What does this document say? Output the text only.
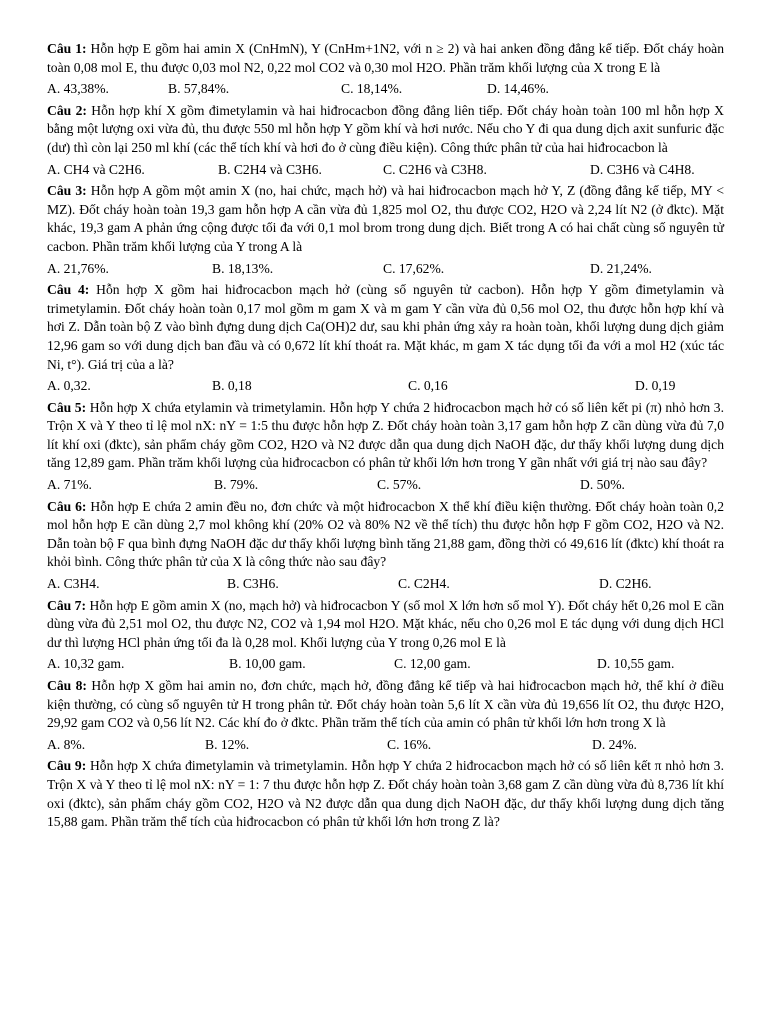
Câu 1: Hỗn hợp E gồm hai amin X (CnHmN), Y (CnHm+1N2, với n ≥ 2) và hai anken đồng đẳng kế tiếp. Đốt cháy hoàn toàn 0,08 mol E, thu được 0,03 mol N2, 0,22 mol CO2 và 0,30 mol H2O. Phần trăm khối lượng của X trong E là

A. 43,38%.	B. 57,84%.	C. 18,14%.	D. 14,46%.

Câu 2: Hỗn hợp khí X gồm đimetylamin và hai hiđrocacbon đồng đẳng liên tiếp. Đốt cháy hoàn toàn 100 ml hỗn hợp X bằng một lượng oxi vừa đủ, thu được 550 ml hỗn hợp Y gồm khí và hơi nước. Nếu cho Y đi qua dung dịch axit sunfuric đặc (dư) thì còn lại 250 ml khí (các thể tích khí và hơi đo ở cùng điều kiện). Công thức phân tử của hai hiđrocacbon là

A. CH4 và C2H6.	B. C2H4 và C3H6.	C. C2H6 và C3H8.	D. C3H6 và C4H8.

Câu 3: Hỗn hợp A gồm một amin X (no, hai chức, mạch hở) và hai hiđrocacbon mạch hở Y, Z (đồng đẳng kế tiếp, MY < MZ). Đốt cháy hoàn toàn 19,3 gam hỗn hợp A cần vừa đủ 1,825 mol O2, thu được CO2, H2O và 2,24 lít N2 (ở đktc). Mặt khác, 19,3 gam A phản ứng cộng được tối đa với 0,1 mol brom trong dung dịch. Biết trong A có hai chất cùng số nguyên tử cacbon. Phần trăm khối lượng của Y trong A là

A. 21,76%.	B. 18,13%.	C. 17,62%.	D. 21,24%.

Câu 4: Hỗn hợp X gồm hai hiđrocacbon mạch hở (cùng số nguyên tử cacbon). Hỗn hợp Y gồm đimetylamin và trimetylamin. Đốt cháy hoàn toàn 0,17 mol gồm m gam X và m gam Y cần vừa đủ 0,56 mol O2, thu được hỗn hợp khí và hơi Z. Dẫn toàn bộ Z vào bình đựng dung dịch Ca(OH)2 dư, sau khi phản ứng xảy ra hoàn toàn, khối lượng dung dịch giảm 12,96 gam so với dung dịch ban đầu và có 0,672 lít khí thoát ra. Mặt khác, m gam X tác dụng tối đa với a mol H2 (xúc tác Ni, t°). Giá trị của a là?

A. 0,32.	B. 0,18	C. 0,16	D. 0,19

Câu 5: Hỗn hợp X chứa etylamin và trimetylamin. Hỗn hợp Y chứa 2 hiđrocacbon mạch hở có số liên kết pi (π) nhỏ hơn 3. Trộn X và Y theo tỉ lệ mol nX: nY = 1:5 thu được hỗn hợp Z. Đốt cháy hoàn toàn 3,17 gam hỗn hợp Z cần dùng vừa đủ 7,0 lít khí oxi (đktc), sản phẩm cháy gồm CO2, H2O và N2 được dẫn qua dung dịch NaOH đặc, dư thấy khối lượng dung dịch tăng 12,89 gam. Phần trăm khối lượng của hiđrocacbon có phân tử khối lớn hơn trong Y gần nhất với giá trị nào sau đây?

A. 71%.	B. 79%.	C. 57%.	D. 50%.

Câu 6: Hỗn hợp E chứa 2 amin đều no, đơn chức và một hiđrocacbon X thể khí điều kiện thường. Đốt cháy hoàn toàn 0,2 mol hỗn hợp E cần dùng 2,7 mol không khí (20% O2 và 80% N2 về thể tích) thu được hỗn hợp F gồm CO2, H2O và N2. Dẫn toàn bộ F qua bình đựng NaOH đặc dư thấy khối lượng bình tăng 21,88 gam, đồng thời có 49,616 lít (đktc) khí thoát ra khỏi bình. Công thức phân tử của X là công thức nào sau đây?

A. C3H4.	B. C3H6.	C. C2H4.	D. C2H6.

Câu 7: Hỗn hợp E gồm amin X (no, mạch hở) và hiđrocacbon Y (số mol X lớn hơn số mol Y). Đốt cháy hết 0,26 mol E cần dùng vừa đủ 2,51 mol O2, thu được N2, CO2 và 1,94 mol H2O. Mặt khác, nếu cho 0,26 mol E tác dụng với dung dịch HCl dư thì lượng HCl phản ứng tối đa là 0,28 mol. Khối lượng của Y trong 0,26 mol E là

A. 10,32 gam.	B. 10,00 gam.	C. 12,00 gam.	D. 10,55 gam.

Câu 8: Hỗn hợp X gồm hai amin no, đơn chức, mạch hở, đồng đẳng kế tiếp và hai hiđrocacbon mạch hở, thể khí ở điều kiện thường, có cùng số nguyên tử H trong phân tử. Đốt cháy hoàn toàn 5,6 lít X cần vừa đủ 19,656 lít O2, thu được H2O, 29,92 gam CO2 và 0,56 lít N2. Các khí đo ở đktc. Phần trăm thể tích của amin có phân tử khối lớn hơn trong X là

A. 8%.	B. 12%.	C. 16%.	D. 24%.

Câu 9: Hỗn hợp X chứa đimetylamin và trimetylamin. Hỗn hợp Y chứa 2 hiđrocacbon mạch hở có số liên kết π nhỏ hơn 3. Trộn X và Y theo tỉ lệ mol nX: nY = 1: 7 thu được hỗn hợp Z. Đốt cháy hoàn toàn 3,68 gam Z cần dùng vừa đủ 8,736 lít khí oxi (đktc), sản phẩm cháy gồm CO2, H2O và N2 được dẫn qua dung dịch NaOH đặc, dư thấy khối lượng dung dịch tăng 15,88 gam. Phần trăm thể tích của hiđrocacbon có phân tử khối lớn hơn trong Z là?
